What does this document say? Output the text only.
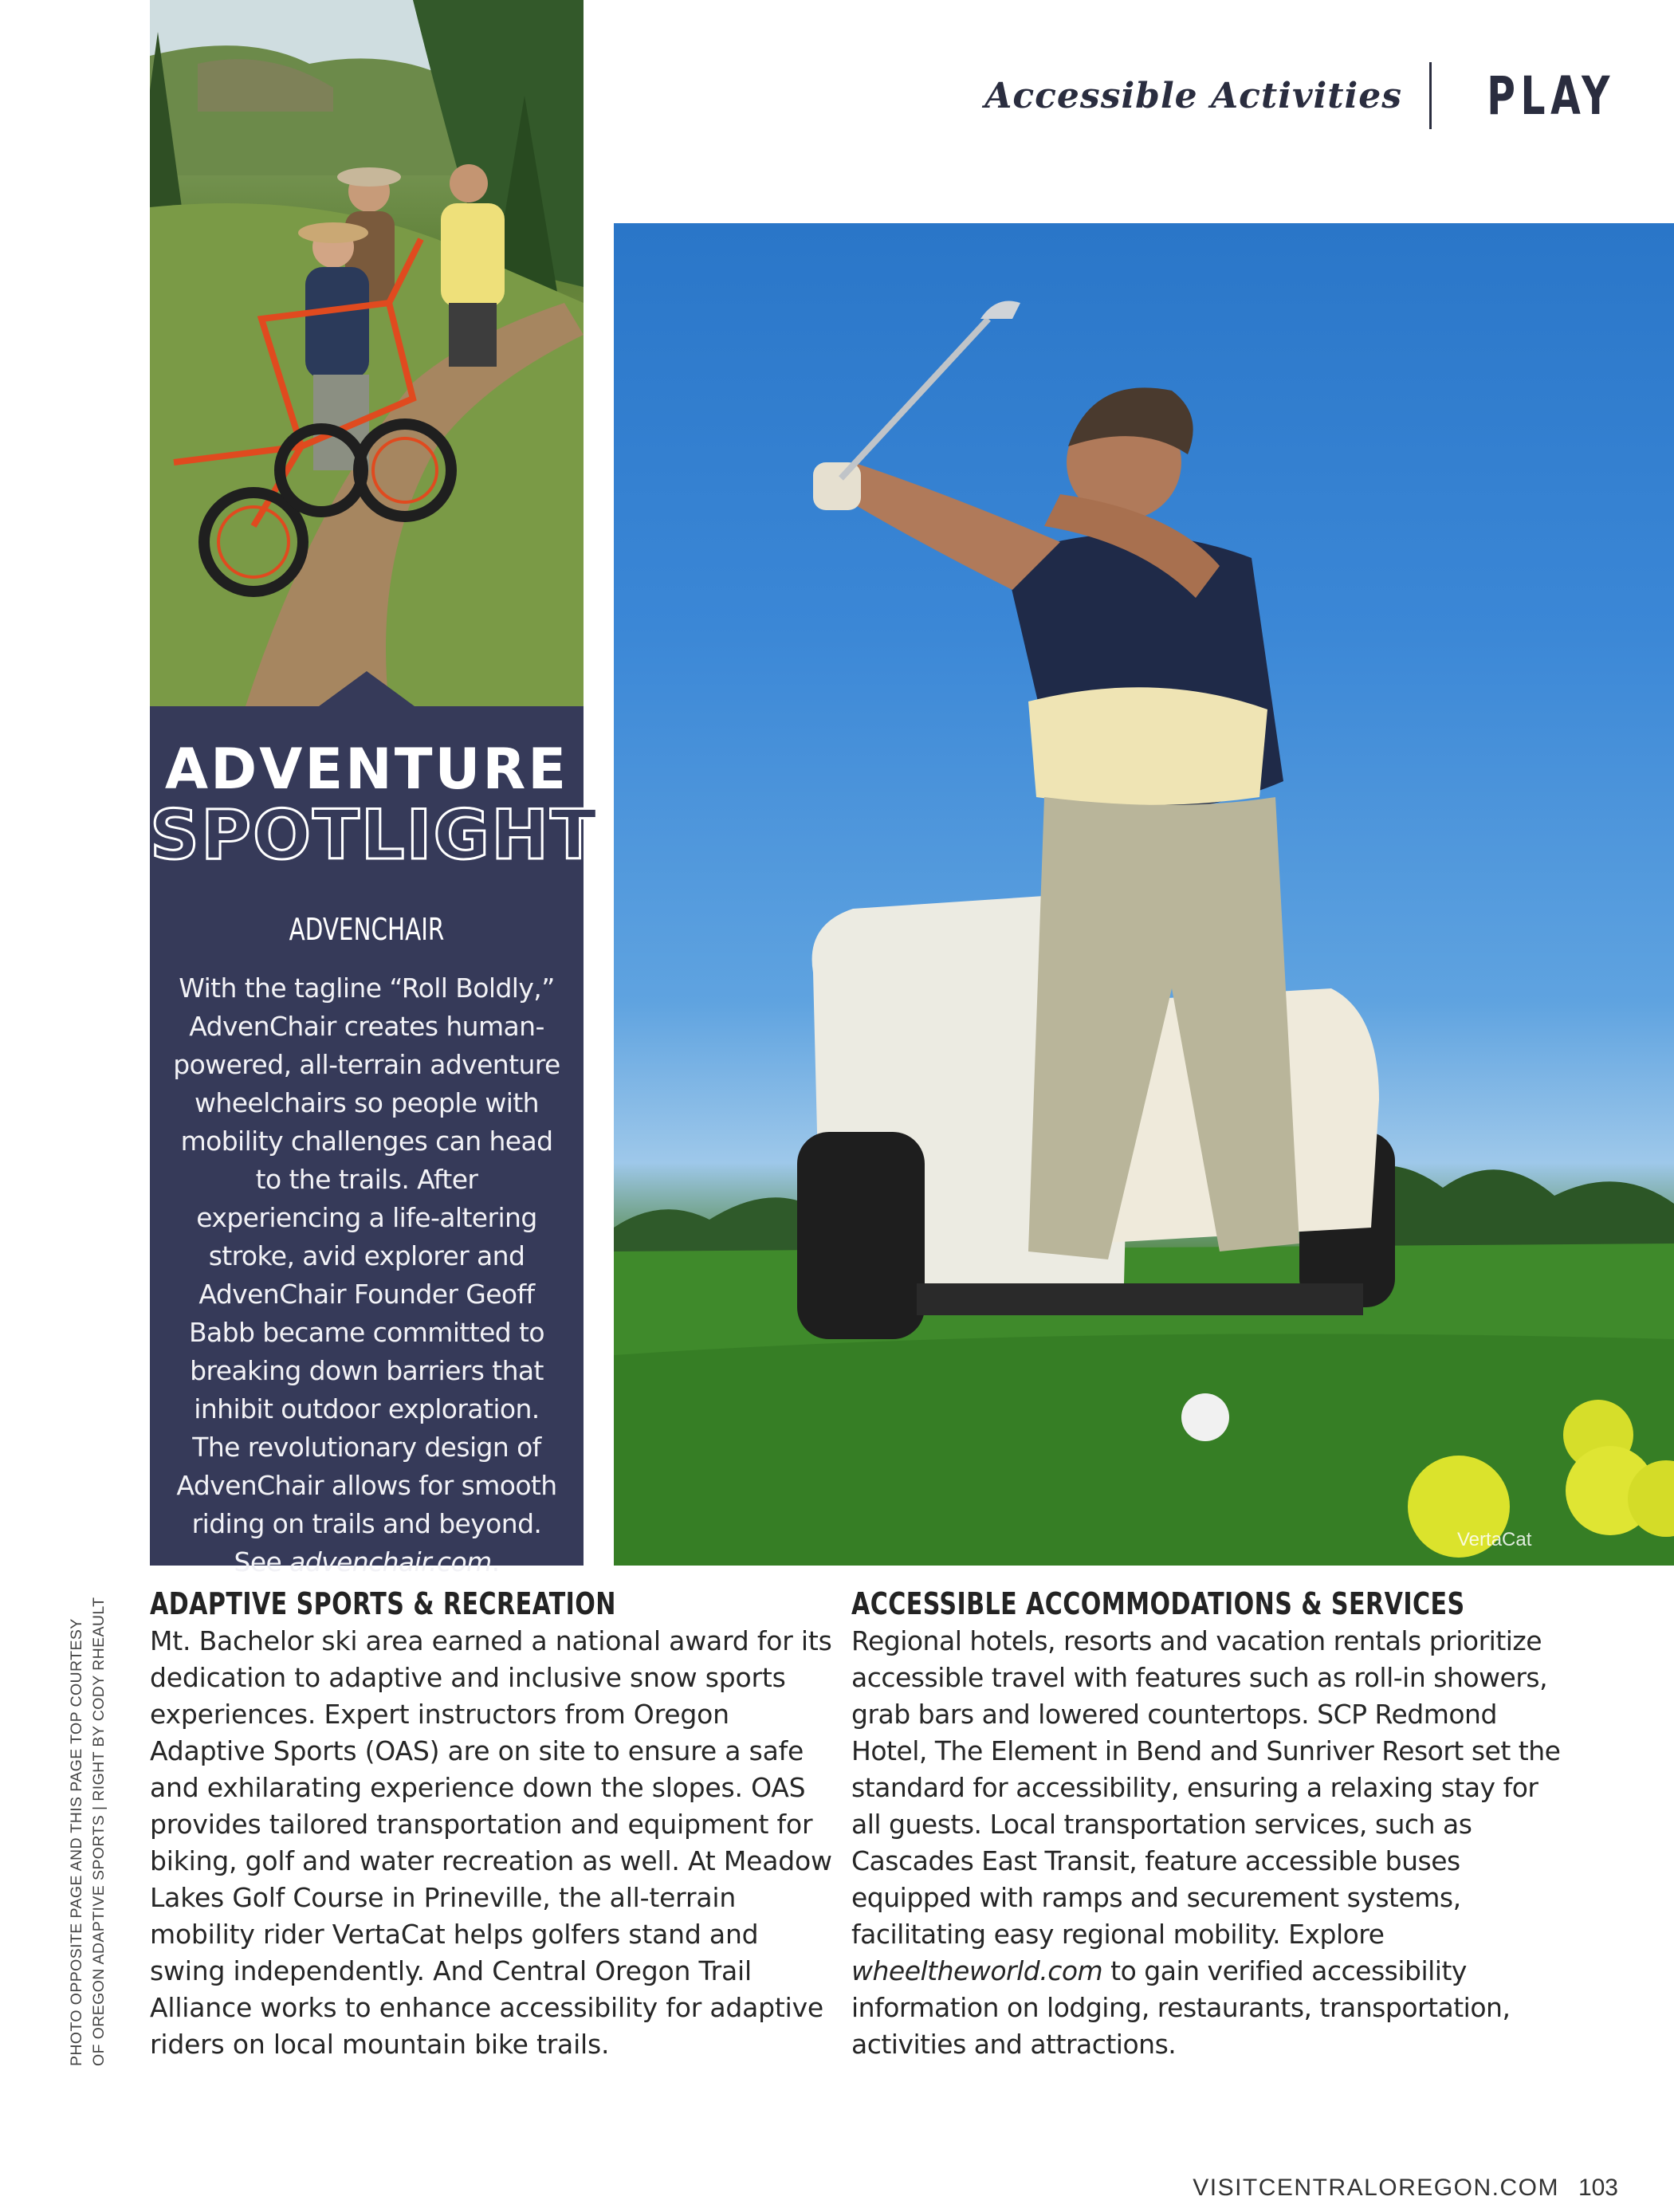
Accessible Activities PLAY
VertaCat
ADVENTURE
SPOTLIGHT
ADVENCHAIR
With the tagline “Roll Boldly,” AdvenChair creates human-powered, all-terrain adventure wheelchairs so people with mobility challenges can head to the trails. After experiencing a life-altering stroke, avid explorer and AdvenChair Founder Geoff Babb became committed to breaking down barriers that inhibit outdoor exploration. The revolutionary design of AdvenChair allows for smooth riding on trails and beyond. See advenchair.com.
PHOTO OPPOSITE PAGE AND THIS PAGE TOP COURTESY OF OREGON ADAPTIVE SPORTS | RIGHT BY CODY RHEAULT ADAPTIVE SPORTS & RECREATION

Mt. Bachelor ski area earned a national award for its dedication to adaptive and inclusive snow sports experiences. Expert instructors from Oregon Adaptive Sports (OAS) are on site to ensure a safe and exhilarating experience down the slopes. OAS provides tailored transportation and equipment for biking, golf and water recreation as well. At Meadow Lakes Golf Course in Prineville, the all-terrain mobility rider VertaCat helps golfers stand and swing independently. And Central Oregon Trail Alliance works to enhance accessibility for adaptive riders on local mountain bike trails.

ACCESSIBLE ACCOMMODATIONS & SERVICES

Regional hotels, resorts and vacation rentals prioritize accessible travel with features such as roll-in showers, grab bars and lowered countertops. SCP Redmond Hotel, The Element in Bend and Sunriver Resort set the standard for accessibility, ensuring a relaxing stay for all guests. Local transportation services, such as Cascades East Transit, feature accessible buses equipped with ramps and securement systems, facilitating easy regional mobility. Explore wheeltheworld.com to gain verified accessibility information on lodging, restaurants, transportation, activities and attractions.

VISITCENTRALOREGON.COM 103
